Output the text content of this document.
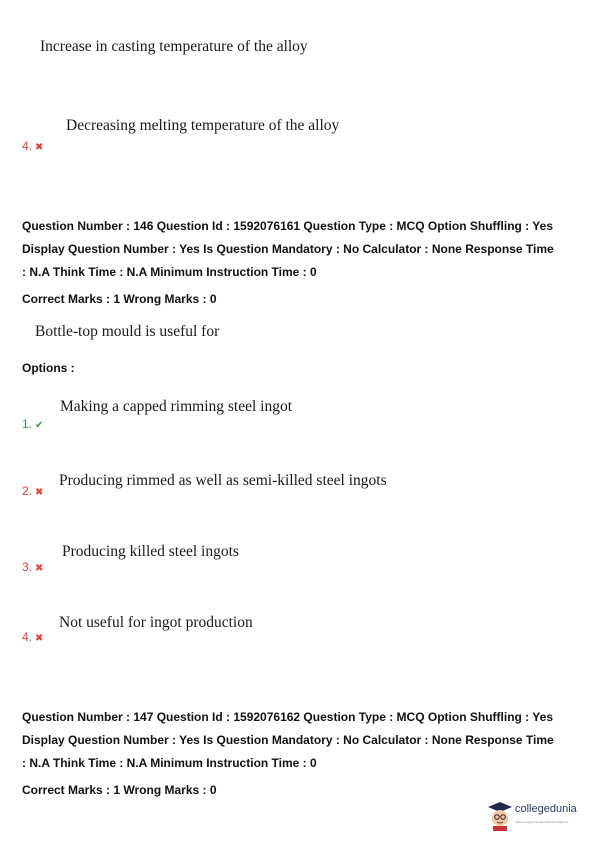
Increase in casting temperature of the alloy
Decreasing melting temperature of the alloy
4. ✖

Question Number : 146 Question Id : 1592076161 Question Type : MCQ Option Shuffling : Yes

Display Question Number : Yes Is Question Mandatory : No Calculator : None Response Time

: N.A Think Time : N.A Minimum Instruction Time : 0

Correct Marks : 1 Wrong Marks : 0

Bottle-top mould is useful for
Options :
Making a capped rimming steel ingot
1. ✔
Producing rimmed as well as semi-killed steel ingots
2. ✖
Producing killed steel ingots
3. ✖
Not useful for ingot production
4. ✖

Question Number : 147 Question Id : 1592076162 Question Type : MCQ Option Shuffling : Yes

Display Question Number : Yes Is Question Mandatory : No Calculator : None Response Time

: N.A Think Time : N.A Minimum Instruction Time : 0

Correct Marks : 1 Wrong Marks : 0

collegedunia
India's Largest Student Review Platform
